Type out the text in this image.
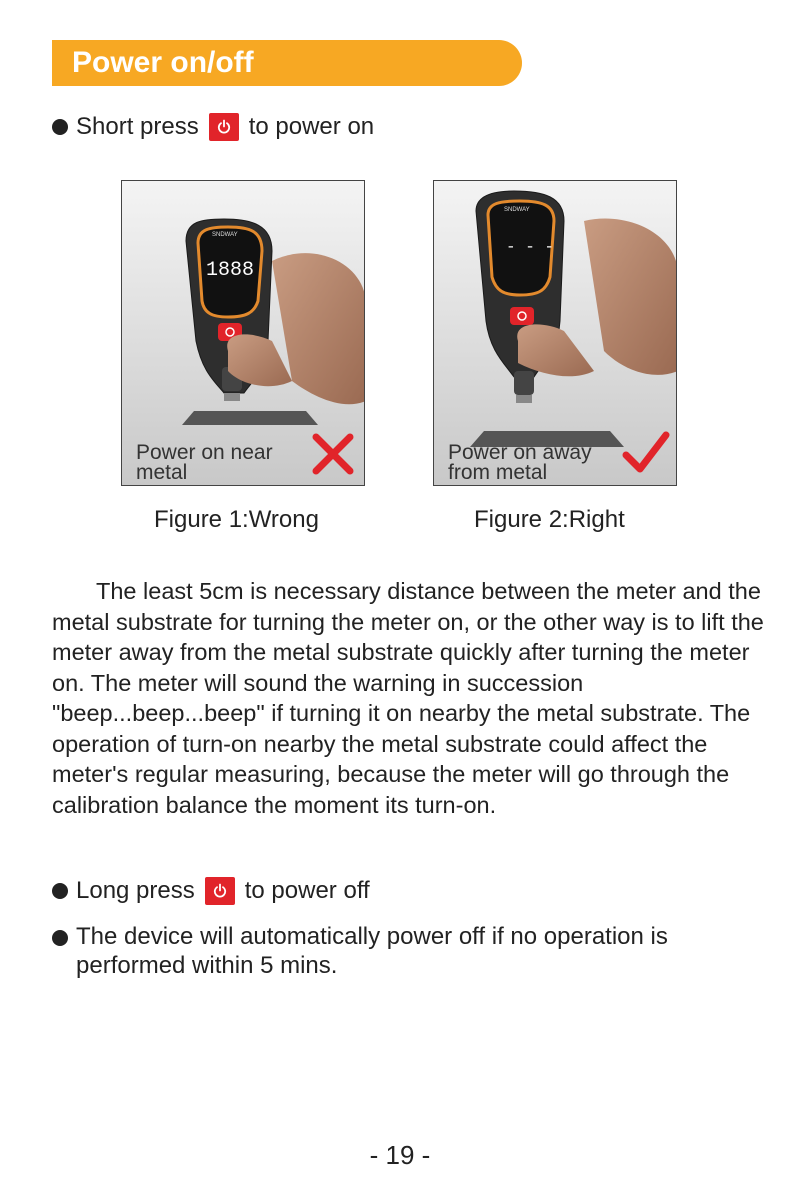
Power on/off
Short press to power on
SNDWAY
1888
Power on near metal
SNDWAY
- - -
Power on away from metal
Figure 1:Wrong	Figure 2:Right
The least 5cm is necessary distance between the meter and the metal substrate for turning the meter on, or the other way is to lift the meter away from the metal substrate quickly after turning the meter on. The meter will sound the warning in succession "beep...beep...beep" if turning it on nearby the metal substrate. The operation of turn-on nearby the metal substrate could affect the meter's regular measuring, because the meter will go through the calibration balance the moment its turn-on.
Long press to power off
The device will automatically power off if no operation is performed within 5 mins.
- 19 -
